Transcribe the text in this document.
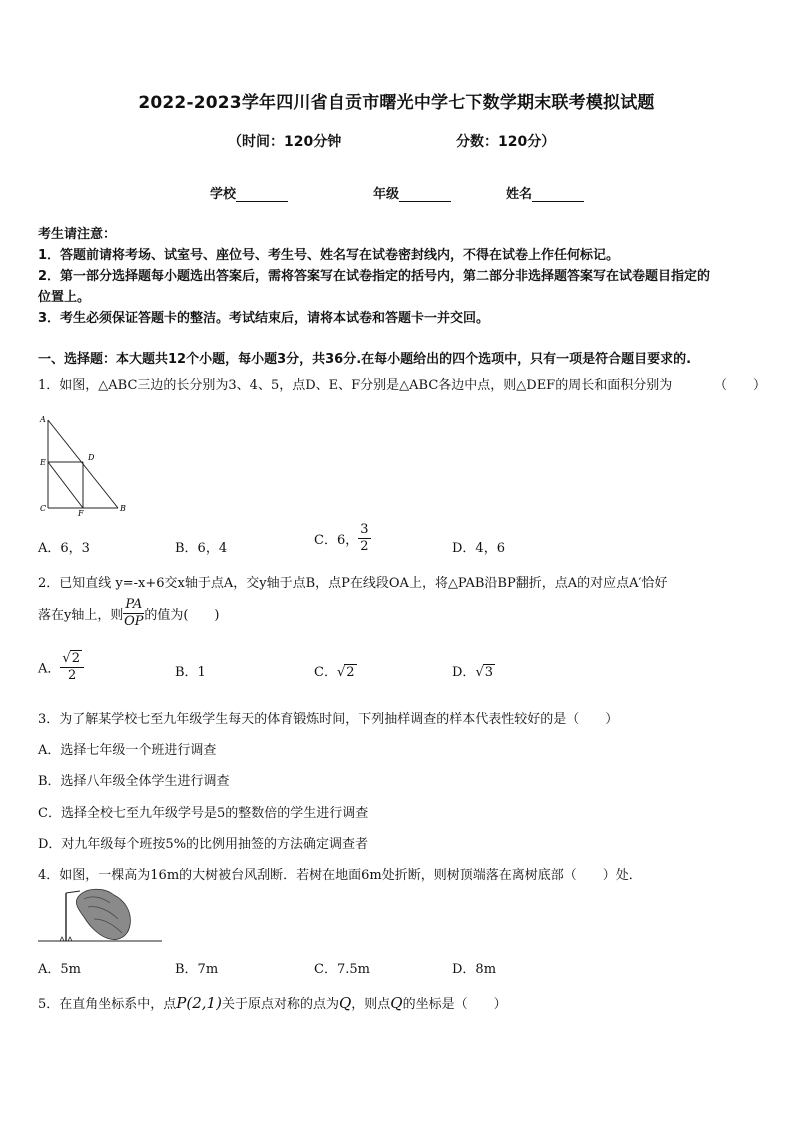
2022-2023学年四川省自贡市曙光中学七下数学期末联考模拟试题
（时间：120分钟	分数：120分）
学校	年级	姓名
考生请注意：
1．答题前请将考场、试室号、座位号、考生号、姓名写在试卷密封线内，不得在试卷上作任何标记。
2．第一部分选择题每小题选出答案后，需将答案写在试卷指定的括号内，第二部分非选择题答案写在试卷题目指定的
位置上。
3．考生必须保证答题卡的整洁。考试结束后，请将本试卷和答题卡一并交回。
一、选择题：本大题共12个小题，每小题3分，共36分.在每小题给出的四个选项中，只有一项是符合题目要求的.
1．如图，△ABC三边的长分别为3、4、5，点D、E、F分别是△ABC各边中点，则△DEF的周长和面积分别为	（　　）
A
E
D
C
F
B
A．6，3	B．6，4
C．6， $\frac{3}{2}$	D．4，6
2．已知直线 y=-x+6交x轴于点A，交y轴于点B，点P在线段OA上，将△PAB沿BP翻折，点A的对应点A′恰好
落在y轴上，则 $\frac{PA}{OP}$ 的值为(　　)
A． $\frac{√2}{2}$	B．1	C．√2	D．√3
3．为了解某学校七至九年级学生每天的体育锻炼时间，下列抽样调查的样本代表性较好的是（　　）
A．选择七年级一个班进行调查
B．选择八年级全体学生进行调查
C．选择全校七至九年级学号是5的整数倍的学生进行调查
D．对九年级每个班按5%的比例用抽签的方法确定调查者
4．如图，一棵高为16m的大树被台风刮断．若树在地面6m处折断，则树顶端落在离树底部（　　）处．
A．5m	B．7m	C．7.5m	D．8m
5．在直角坐标系中，点P(2,1)关于原点对称的点为Q，则点Q的坐标是（　　）
